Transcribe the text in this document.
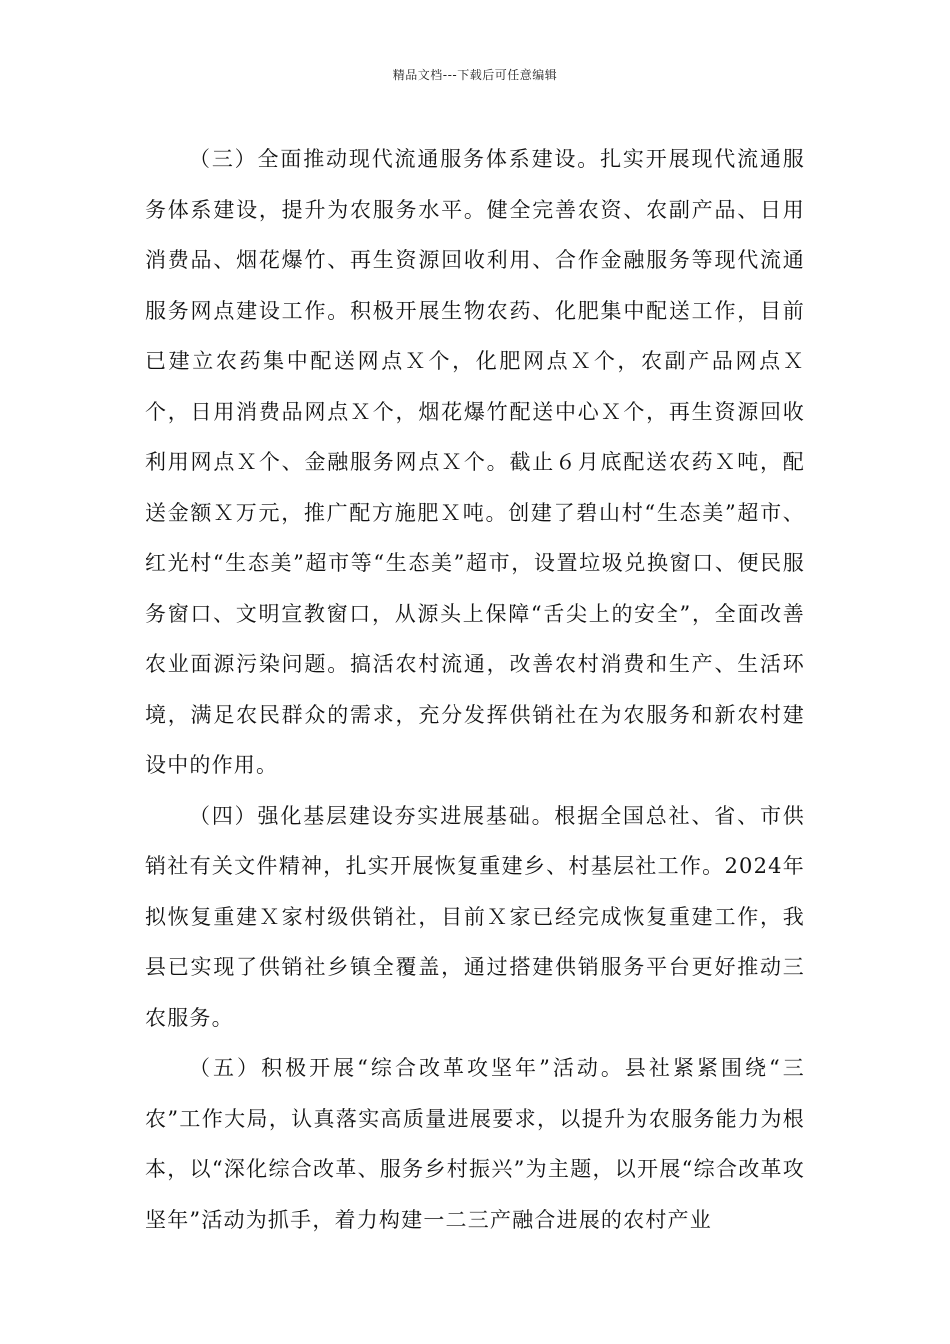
精品文档---下载后可任意编辑

（三）全面推动现代流通服务体系建设。扎实开展现代流通服务体系建设，提升为农服务水平。健全完善农资、农副产品、日用消费品、烟花爆竹、再生资源回收利用、合作金融服务等现代流通服务网点建设工作。积极开展生物农药、化肥集中配送工作，目前已建立农药集中配送网点Ｘ个，化肥网点Ｘ个，农副产品网点Ｘ个，日用消费品网点Ｘ个，烟花爆竹配送中心Ｘ个，再生资源回收利用网点Ｘ个、金融服务网点Ｘ个。截止６月底配送农药Ｘ吨，配送金额Ｘ万元，推广配方施肥Ｘ吨。创建了碧山村“生态美”超市、红光村“生态美”超市等“生态美”超市，设置垃圾兑换窗口、便民服务窗口、文明宣教窗口，从源头上保障“舌尖上的安全”，全面改善农业面源污染问题。搞活农村流通，改善农村消费和生产、生活环境，满足农民群众的需求，充分发挥供销社在为农服务和新农村建设中的作用。

（四）强化基层建设夯实进展基础。根据全国总社、省、市供销社有关文件精神，扎实开展恢复重建乡、村基层社工作。2024年拟恢复重建Ｘ家村级供销社，目前Ｘ家已经完成恢复重建工作，我县已实现了供销社乡镇全覆盖，通过搭建供销服务平台更好推动三农服务。

（五）积极开展“综合改革攻坚年”活动。县社紧紧围绕“三农”工作大局，认真落实高质量进展要求，以提升为农服务能力为根本，以“深化综合改革、服务乡村振兴”为主题，以开展“综合改革攻坚年”活动为抓手，着力构建一二三产融合进展的农村产业
